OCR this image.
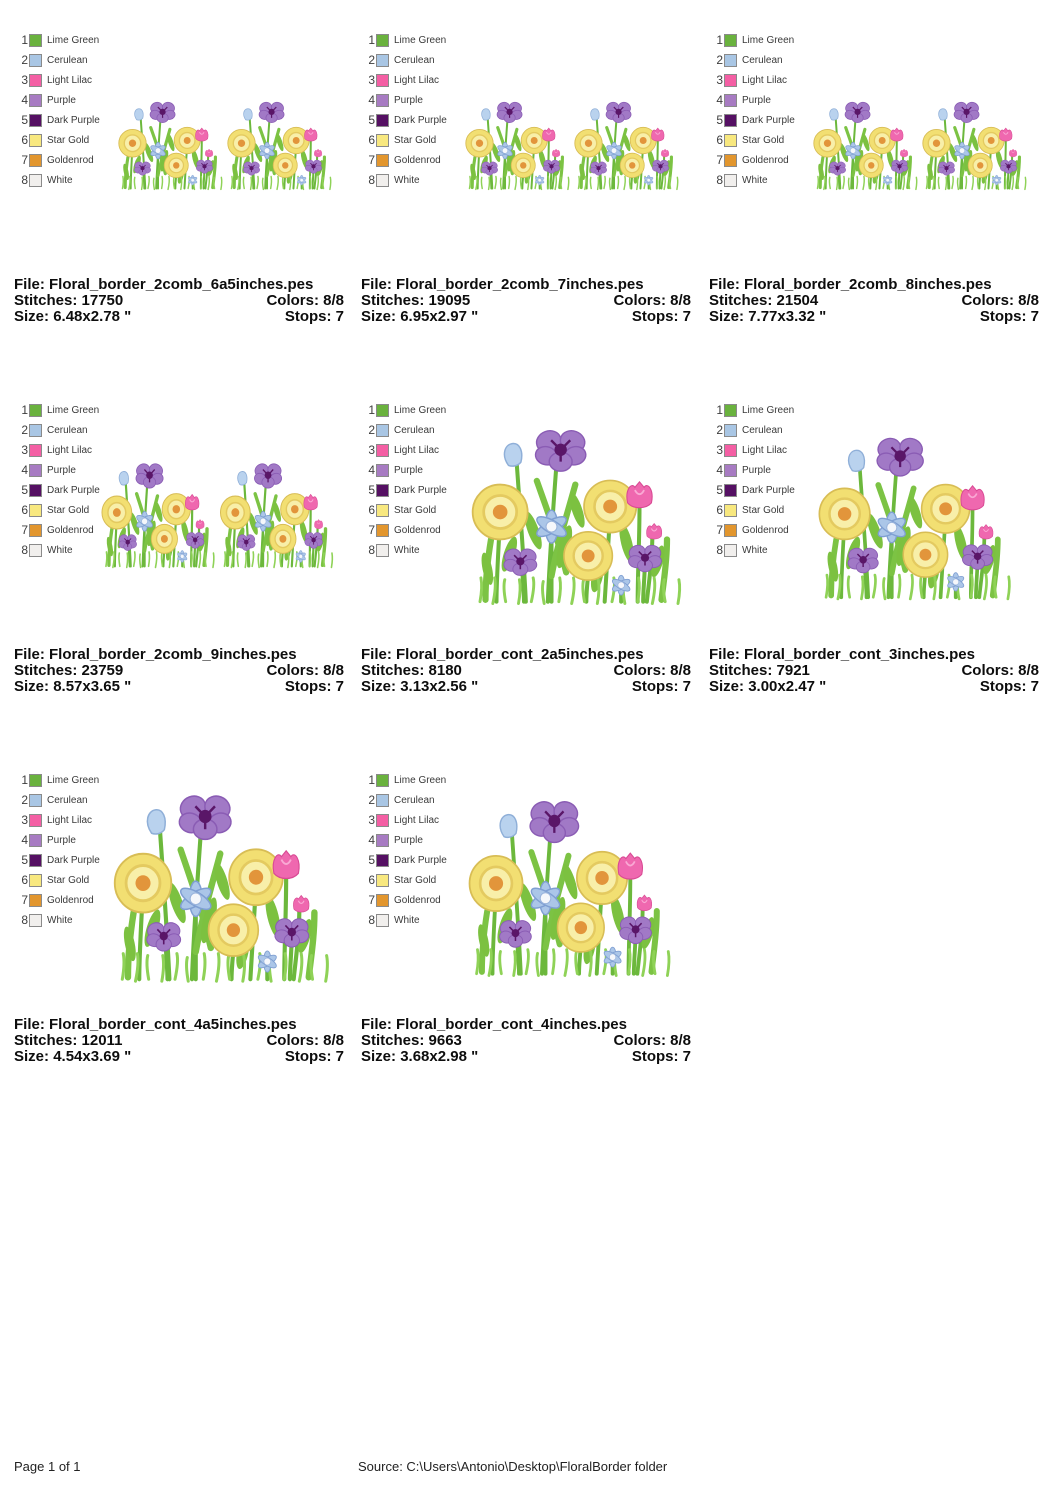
1 Lime Green
2 Cerulean
3 Light Lilac
4 Purple
5 Dark Purple
6 Star Gold
7 Goldenrod
8 White
File: Floral_border_2comb_6a5inches.pes
Stitches: 17750	Colors: 8/8
Size: 6.48x2.78 "	Stops: 7
1 Lime Green
2 Cerulean
3 Light Lilac
4 Purple
5 Dark Purple
6 Star Gold
7 Goldenrod
8 White
File: Floral_border_2comb_7inches.pes
Stitches: 19095	Colors: 8/8
Size: 6.95x2.97 "	Stops: 7
1 Lime Green
2 Cerulean
3 Light Lilac
4 Purple
5 Dark Purple
6 Star Gold
7 Goldenrod
8 White
File: Floral_border_2comb_8inches.pes
Stitches: 21504	Colors: 8/8
Size: 7.77x3.32 "	Stops: 7
1 Lime Green
2 Cerulean
3 Light Lilac
4 Purple
5 Dark Purple
6 Star Gold
7 Goldenrod
8 White
File: Floral_border_2comb_9inches.pes
Stitches: 23759	Colors: 8/8
Size: 8.57x3.65 "	Stops: 7
1 Lime Green
2 Cerulean
3 Light Lilac
4 Purple
5 Dark Purple
6 Star Gold
7 Goldenrod
8 White
File: Floral_border_cont_2a5inches.pes
Stitches: 8180	Colors: 8/8
Size: 3.13x2.56 "	Stops: 7
1 Lime Green
2 Cerulean
3 Light Lilac
4 Purple
5 Dark Purple
6 Star Gold
7 Goldenrod
8 White
File: Floral_border_cont_3inches.pes
Stitches: 7921	Colors: 8/8
Size: 3.00x2.47 "	Stops: 7
1 Lime Green
2 Cerulean
3 Light Lilac
4 Purple
5 Dark Purple
6 Star Gold
7 Goldenrod
8 White
File: Floral_border_cont_4a5inches.pes
Stitches: 12011	Colors: 8/8
Size: 4.54x3.69 "	Stops: 7
1 Lime Green
2 Cerulean
3 Light Lilac
4 Purple
5 Dark Purple
6 Star Gold
7 Goldenrod
8 White
File: Floral_border_cont_4inches.pes
Stitches: 9663	Colors: 8/8
Size: 3.68x2.98 "	Stops: 7
Page 1 of 1	Source: C:\Users\Antonio\Desktop\FloralBorder folder
